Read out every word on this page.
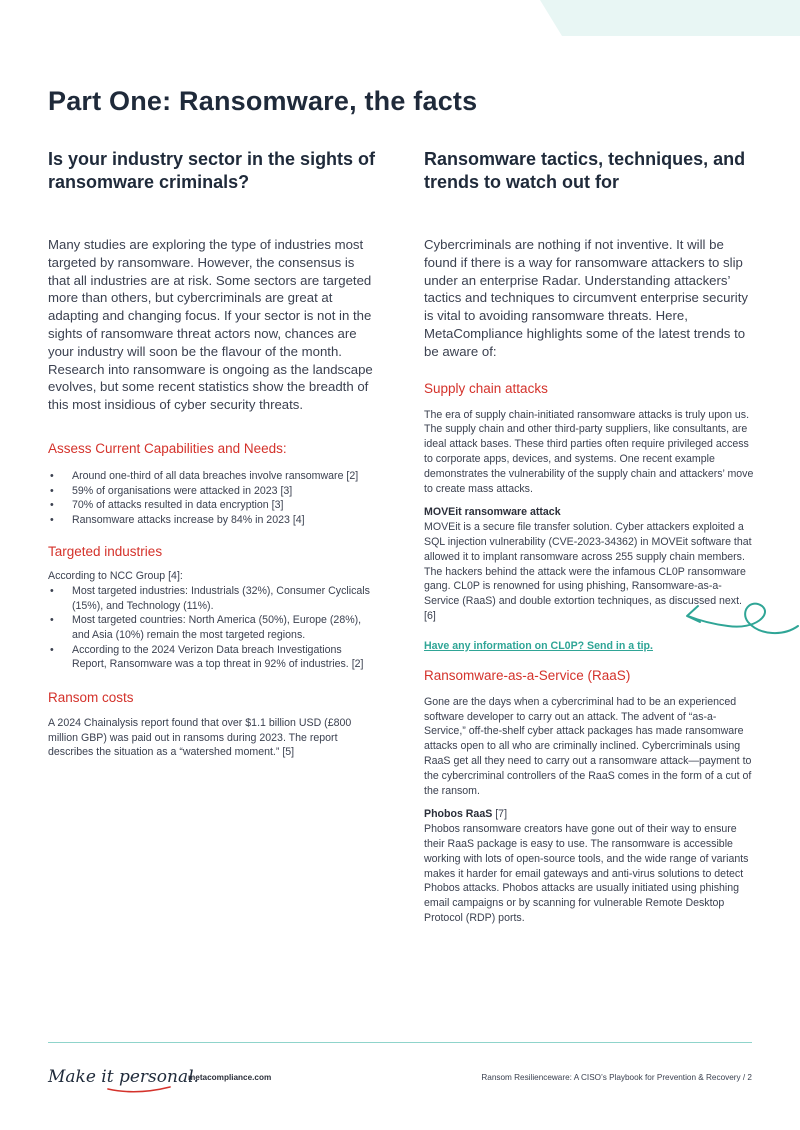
Part One: Ransomware, the facts
Is your industry sector in the sights of ransomware criminals?

Many studies are exploring the type of industries most targeted by ransomware. However, the consensus is that all industries are at risk. Some sectors are targeted more than others, but cybercriminals are great at adapting and changing focus. If your sector is not in the sights of ransomware threat actors now, chances are your industry will soon be the flavour of the month. Research into ransomware is ongoing as the landscape evolves, but some recent statistics show the breadth of this most insidious of cyber security threats.

Assess Current Capabilities and Needs:
• Around one-third of all data breaches involve ransomware [2]
• 59% of organisations were attacked in 2023 [3]
• 70% of attacks resulted in data encryption [3]
• Ransomware attacks increase by 84% in 2023 [4]
Targeted industries

According to NCC Group [4]:

• Most targeted industries: Industrials (32%), Consumer Cyclicals (15%), and Technology (11%).
• Most targeted countries: North America (50%), Europe (28%), and Asia (10%) remain the most targeted regions.
• According to the 2024 Verizon Data breach Investigations Report, Ransomware was a top threat in 92% of industries. [2]
Ransom costs

A 2024 Chainalysis report found that over $1.1 billion USD (£800 million GBP) was paid out in ransoms during 2023. The report describes the situation as a “watershed moment.” [5]

Ransomware tactics, techniques, and trends to watch out for

Cybercriminals are nothing if not inventive. It will be found if there is a way for ransomware attackers to slip under an enterprise Radar. Understanding attackers’ tactics and techniques to circumvent enterprise security is vital to avoiding ransomware threats. Here, MetaCompliance highlights some of the latest trends to be aware of:

Supply chain attacks

The era of supply chain-initiated ransomware attacks is truly upon us. The supply chain and other third-party suppliers, like consultants, are ideal attack bases. These third parties often require privileged access to corporate apps, devices, and systems. One recent example demonstrates the vulnerability of the supply chain and attackers’ move to create mass attacks.

MOVEit ransomware attack

MOVEit is a secure file transfer solution. Cyber attackers exploited a SQL injection vulnerability (CVE-2023-34362) in MOVEit software that allowed it to implant ransomware across 255 supply chain members. The hackers behind the attack were the infamous CL0P ransomware gang. CL0P is renowned for using phishing, Ransomware-as-a-Service (RaaS) and double extortion techniques, as discussed next. [6]

Have any information on CL0P? Send in a tip.

Ransomware-as-a-Service (RaaS)

Gone are the days when a cybercriminal had to be an experienced software developer to carry out an attack. The advent of “as-a-Service,” off-the-shelf cyber attack packages has made ransomware attacks open to all who are criminally inclined. Cybercriminals using RaaS get all they need to carry out a ransomware attack—payment to the cybercriminal controllers of the RaaS comes in the form of a cut of the ransom.

Phobos RaaS [7]

Phobos ransomware creators have gone out of their way to ensure their RaaS package is easy to use. The ransomware is accessible working with lots of open-source tools, and the wide range of variants makes it harder for email gateways and anti-virus solutions to detect Phobos attacks. Phobos attacks are usually initiated using phishing email campaigns or by scanning for vulnerable Remote Desktop Protocol (RDP) ports.

Make it personal.
metacompliance.com	Ransom Resilienceware: A CISO’s Playbook for Prevention & Recovery / 2
